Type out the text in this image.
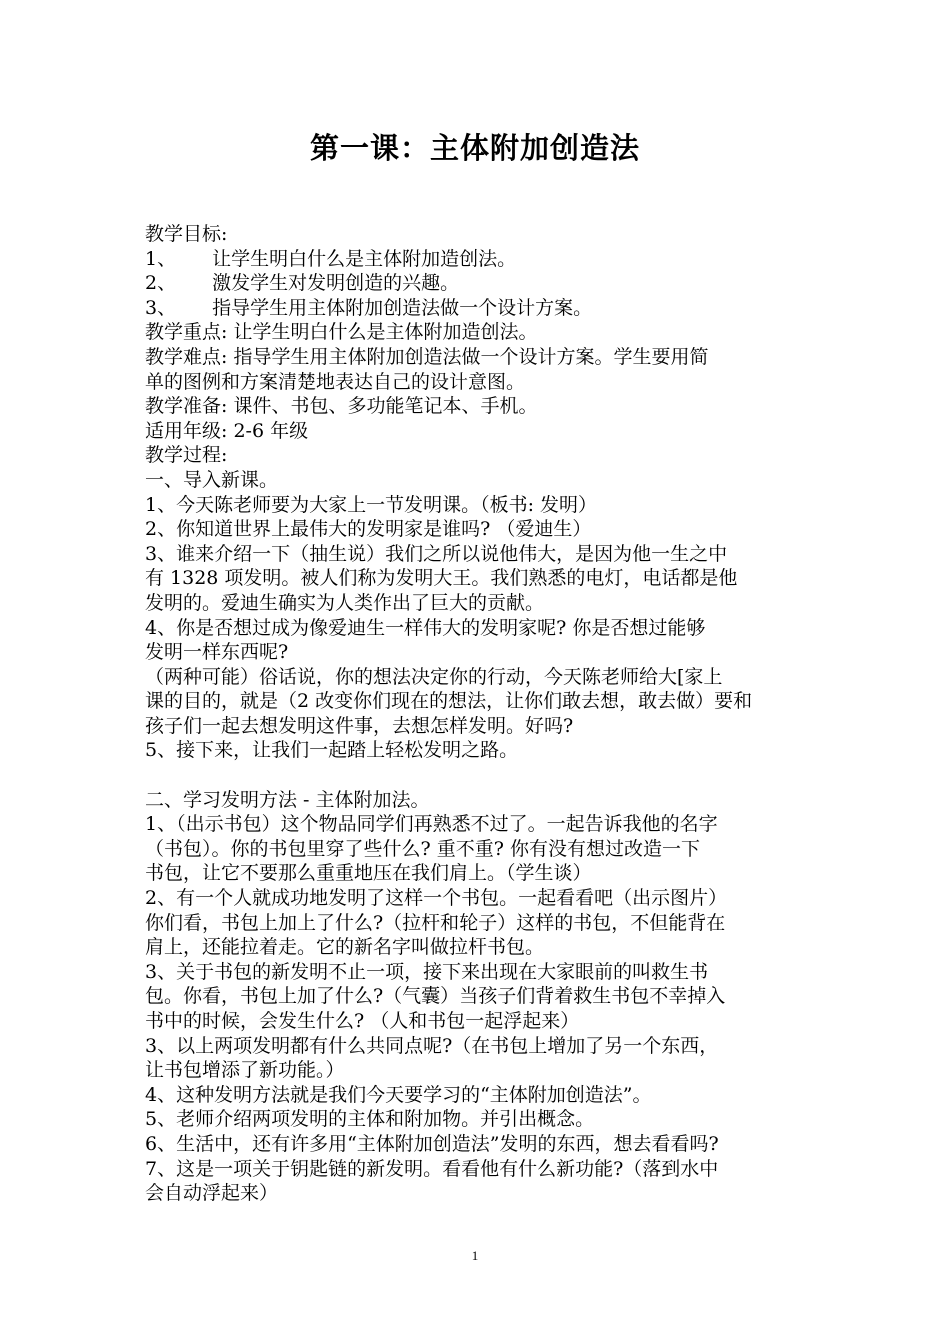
第一课：主体附加创造法
教学目标:
1、 让学生明白什么是主体附加造创法。
2、 激发学生对发明创造的兴趣。
3、 指导学生用主体附加创造法做一个设计方案。
教学重点: 让学生明白什么是主体附加造创法。
教学难点: 指导学生用主体附加创造法做一个设计方案。学生要用简
单的图例和方案清楚地表达自己的设计意图。
教学准备: 课件、书包、多功能笔记本、手机。
适用年级: 2-6 年级
教学过程:
一、导入新课。
1、今天陈老师要为大家上一节发明课。（板书: 发明）
2、你知道世界上最伟大的发明家是谁吗? （爱迪生）
3、谁来介绍一下（抽生说）我们之所以说他伟大，是因为他一生之中
有 1328 项发明。被人们称为发明大王。我们熟悉的电灯，电话都是他
发明的。爱迪生确实为人类作出了巨大的贡献。
4、你是否想过成为像爱迪生一样伟大的发明家呢? 你是否想过能够
发明一样东西呢?
（两种可能）俗话说，你的想法决定你的行动，今天陈老师给大[家上
课的目的，就是（2 改变你们现在的想法，让你们敢去想，敢去做）要和
孩子们一起去想发明这件事，去想怎样发明。好吗?
5、接下来，让我们一起踏上轻松发明之路。
二、学习发明方法 - 主体附加法。
1、（出示书包）这个物品同学们再熟悉不过了。一起告诉我他的名字
（书包）。你的书包里穿了些什么? 重不重? 你有没有想过改造一下
书包，让它不要那么重重地压在我们肩上。（学生谈）
2、有一个人就成功地发明了这样一个书包。一起看看吧（出示图片）
你们看，书包上加上了什么?（拉杆和轮子）这样的书包，不但能背在
肩上，还能拉着走。它的新名字叫做拉杆书包。
3、关于书包的新发明不止一项，接下来出现在大家眼前的叫救生书
包。你看，书包上加了什么?（气囊）当孩子们背着救生书包不幸掉入
书中的时候，会发生什么? （人和书包一起浮起来）
3、以上两项发明都有什么共同点呢?（在书包上增加了另一个东西，
让书包增添了新功能。）
4、这种发明方法就是我们今天要学习的“主体附加创造法”。
5、老师介绍两项发明的主体和附加物。并引出概念。
6、生活中，还有许多用“主体附加创造法”发明的东西，想去看看吗?
7、这是一项关于钥匙链的新发明。看看他有什么新功能?（落到水中
会自动浮起来）
1
